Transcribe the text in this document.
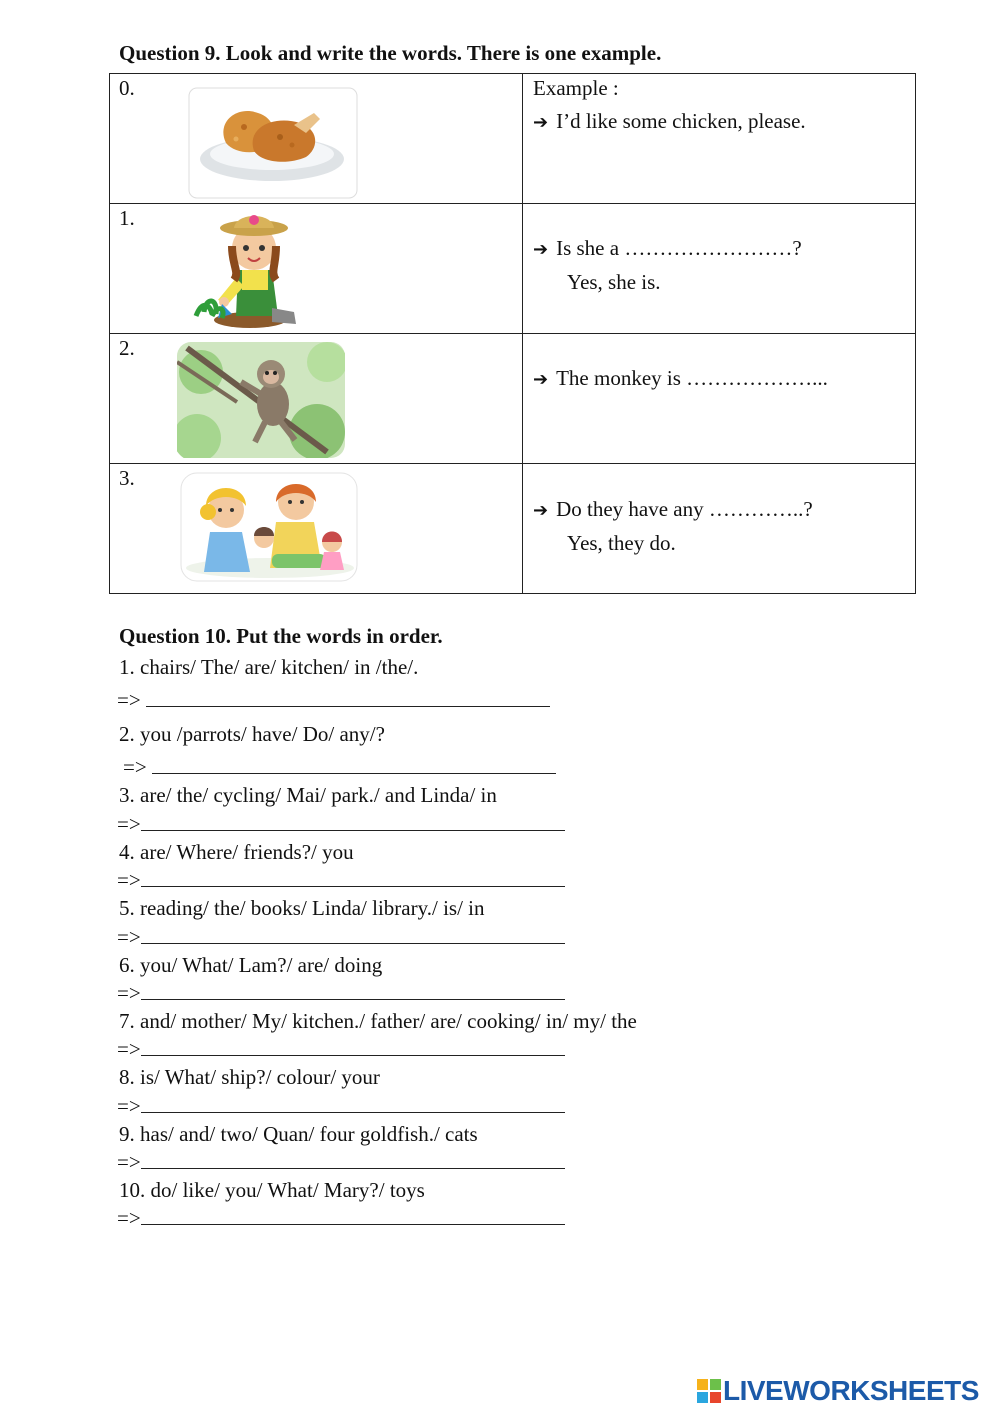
Question 9. Look and write the words. There is one example.
0.	Example :
➔ I’d like some chicken, please.

1.	➔ Is she a ……………………?
Yes, she is.

2.	➔ The monkey is ………………...

3.	➔ Do they have any …………..?
Yes, they do.
Question 10. Put the words in order.
1. chairs/ The/ are/ kitchen/ in /the/.
=>
2. you /parrots/ have/ Do/ any/?
=>
3. are/ the/ cycling/ Mai/ park./ and Linda/ in
=>
4. are/ Where/ friends?/ you
=>
5. reading/ the/ books/ Linda/ library./ is/ in
=>
6. you/ What/ Lam?/ are/ doing
=>
7. and/ mother/ My/ kitchen./ father/ are/ cooking/ in/ my/ the
=>
8. is/ What/ ship?/ colour/ your
=>
9. has/ and/ two/ Quan/ four goldfish./ cats
=>
10. do/ like/ you/ What/ Mary?/ toys
=>
LIVEWORKSHEETS
